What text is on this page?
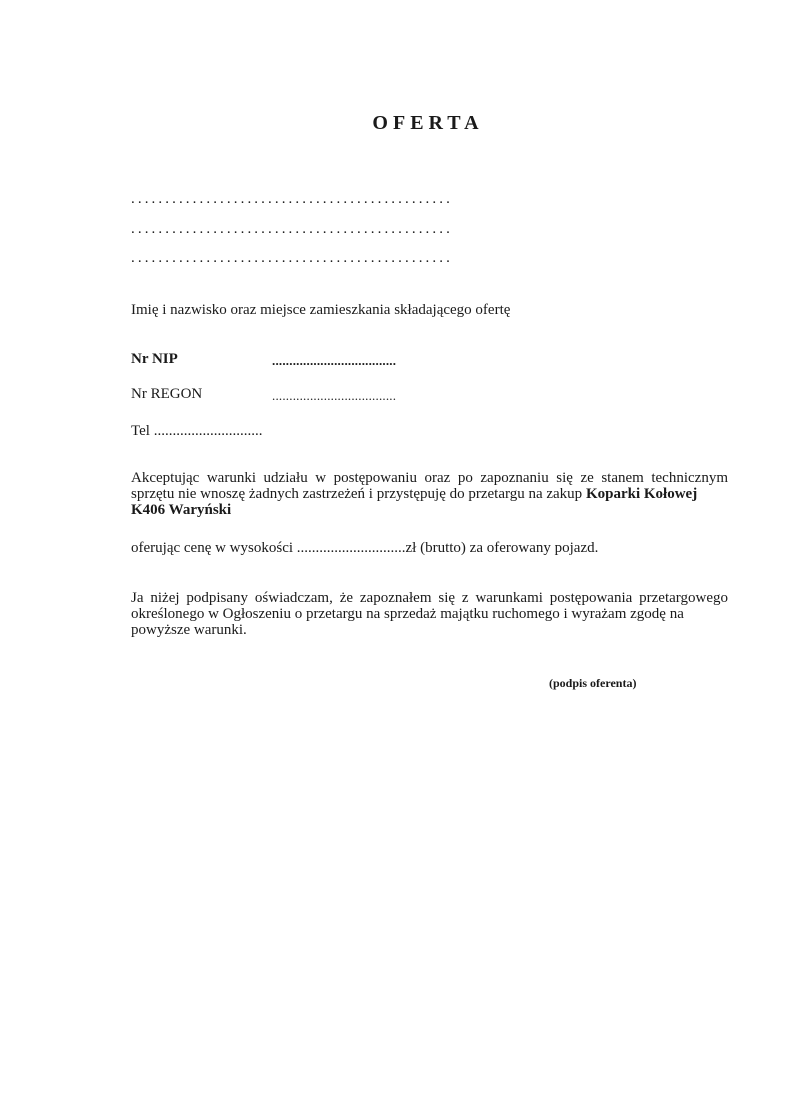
OFERTA
...............................................
...............................................
...............................................
Imię i nazwisko oraz miejsce zamieszkania składającego ofertę
Nr NIP	....................................
Nr REGON	....................................
Tel .............................
Akceptując warunki udziału w postępowaniu oraz po zapoznaniu się ze stanem technicznym sprzętu nie wnoszę żadnych zastrzeżeń i przystępuję do przetargu na zakup Koparki Kołowej
K406 Waryński
oferując cenę w wysokości .............................zł (brutto) za oferowany pojazd.
Ja niżej podpisany oświadczam, że zapoznałem się z warunkami postępowania przetargowego określonego w Ogłoszeniu o przetargu na sprzedaż majątku ruchomego i wyrażam zgodę na
powyższe warunki.
(podpis oferenta)
